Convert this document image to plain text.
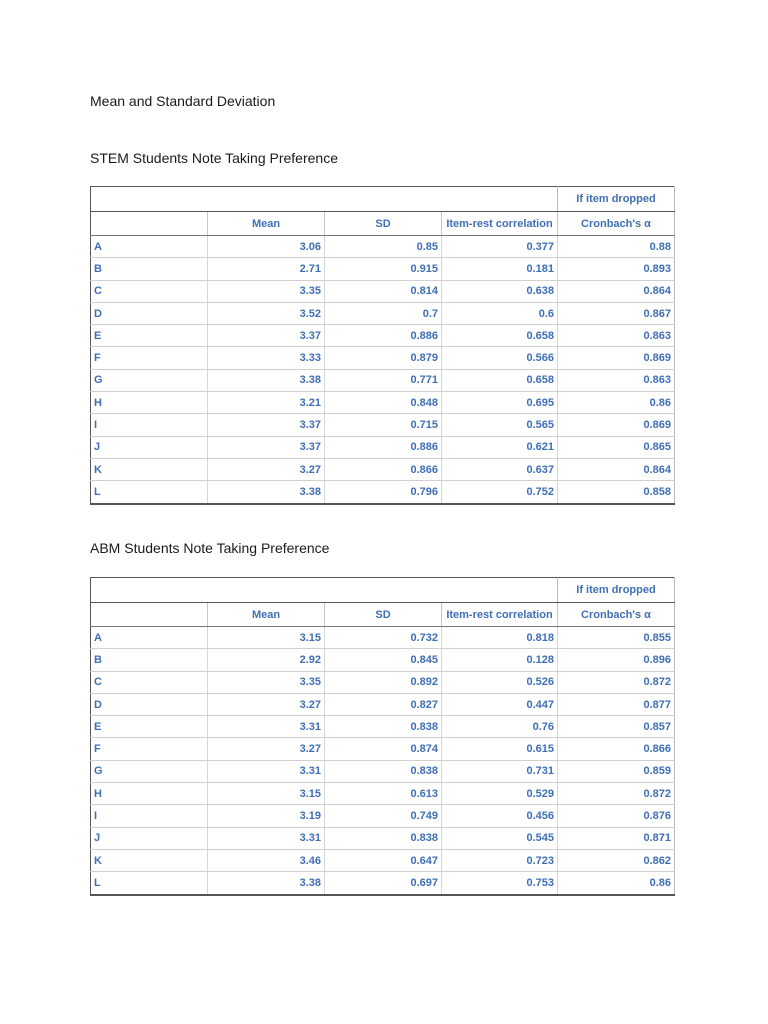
Mean and Standard Deviation
STEM Students Note Taking Preference
				If item dropped
	Mean	SD	Item-rest correlation	Cronbach's α
A	3.06	0.85	0.377	0.88
B	2.71	0.915	0.181	0.893
C	3.35	0.814	0.638	0.864
D	3.52	0.7	0.6	0.867
E	3.37	0.886	0.658	0.863
F	3.33	0.879	0.566	0.869
G	3.38	0.771	0.658	0.863
H	3.21	0.848	0.695	0.86
I	3.37	0.715	0.565	0.869
J	3.37	0.886	0.621	0.865
K	3.27	0.866	0.637	0.864
L	3.38	0.796	0.752	0.858
ABM Students Note Taking Preference
				If item dropped
	Mean	SD	Item-rest correlation	Cronbach's α
A	3.15	0.732	0.818	0.855
B	2.92	0.845	0.128	0.896
C	3.35	0.892	0.526	0.872
D	3.27	0.827	0.447	0.877
E	3.31	0.838	0.76	0.857
F	3.27	0.874	0.615	0.866
G	3.31	0.838	0.731	0.859
H	3.15	0.613	0.529	0.872
I	3.19	0.749	0.456	0.876
J	3.31	0.838	0.545	0.871
K	3.46	0.647	0.723	0.862
L	3.38	0.697	0.753	0.86
